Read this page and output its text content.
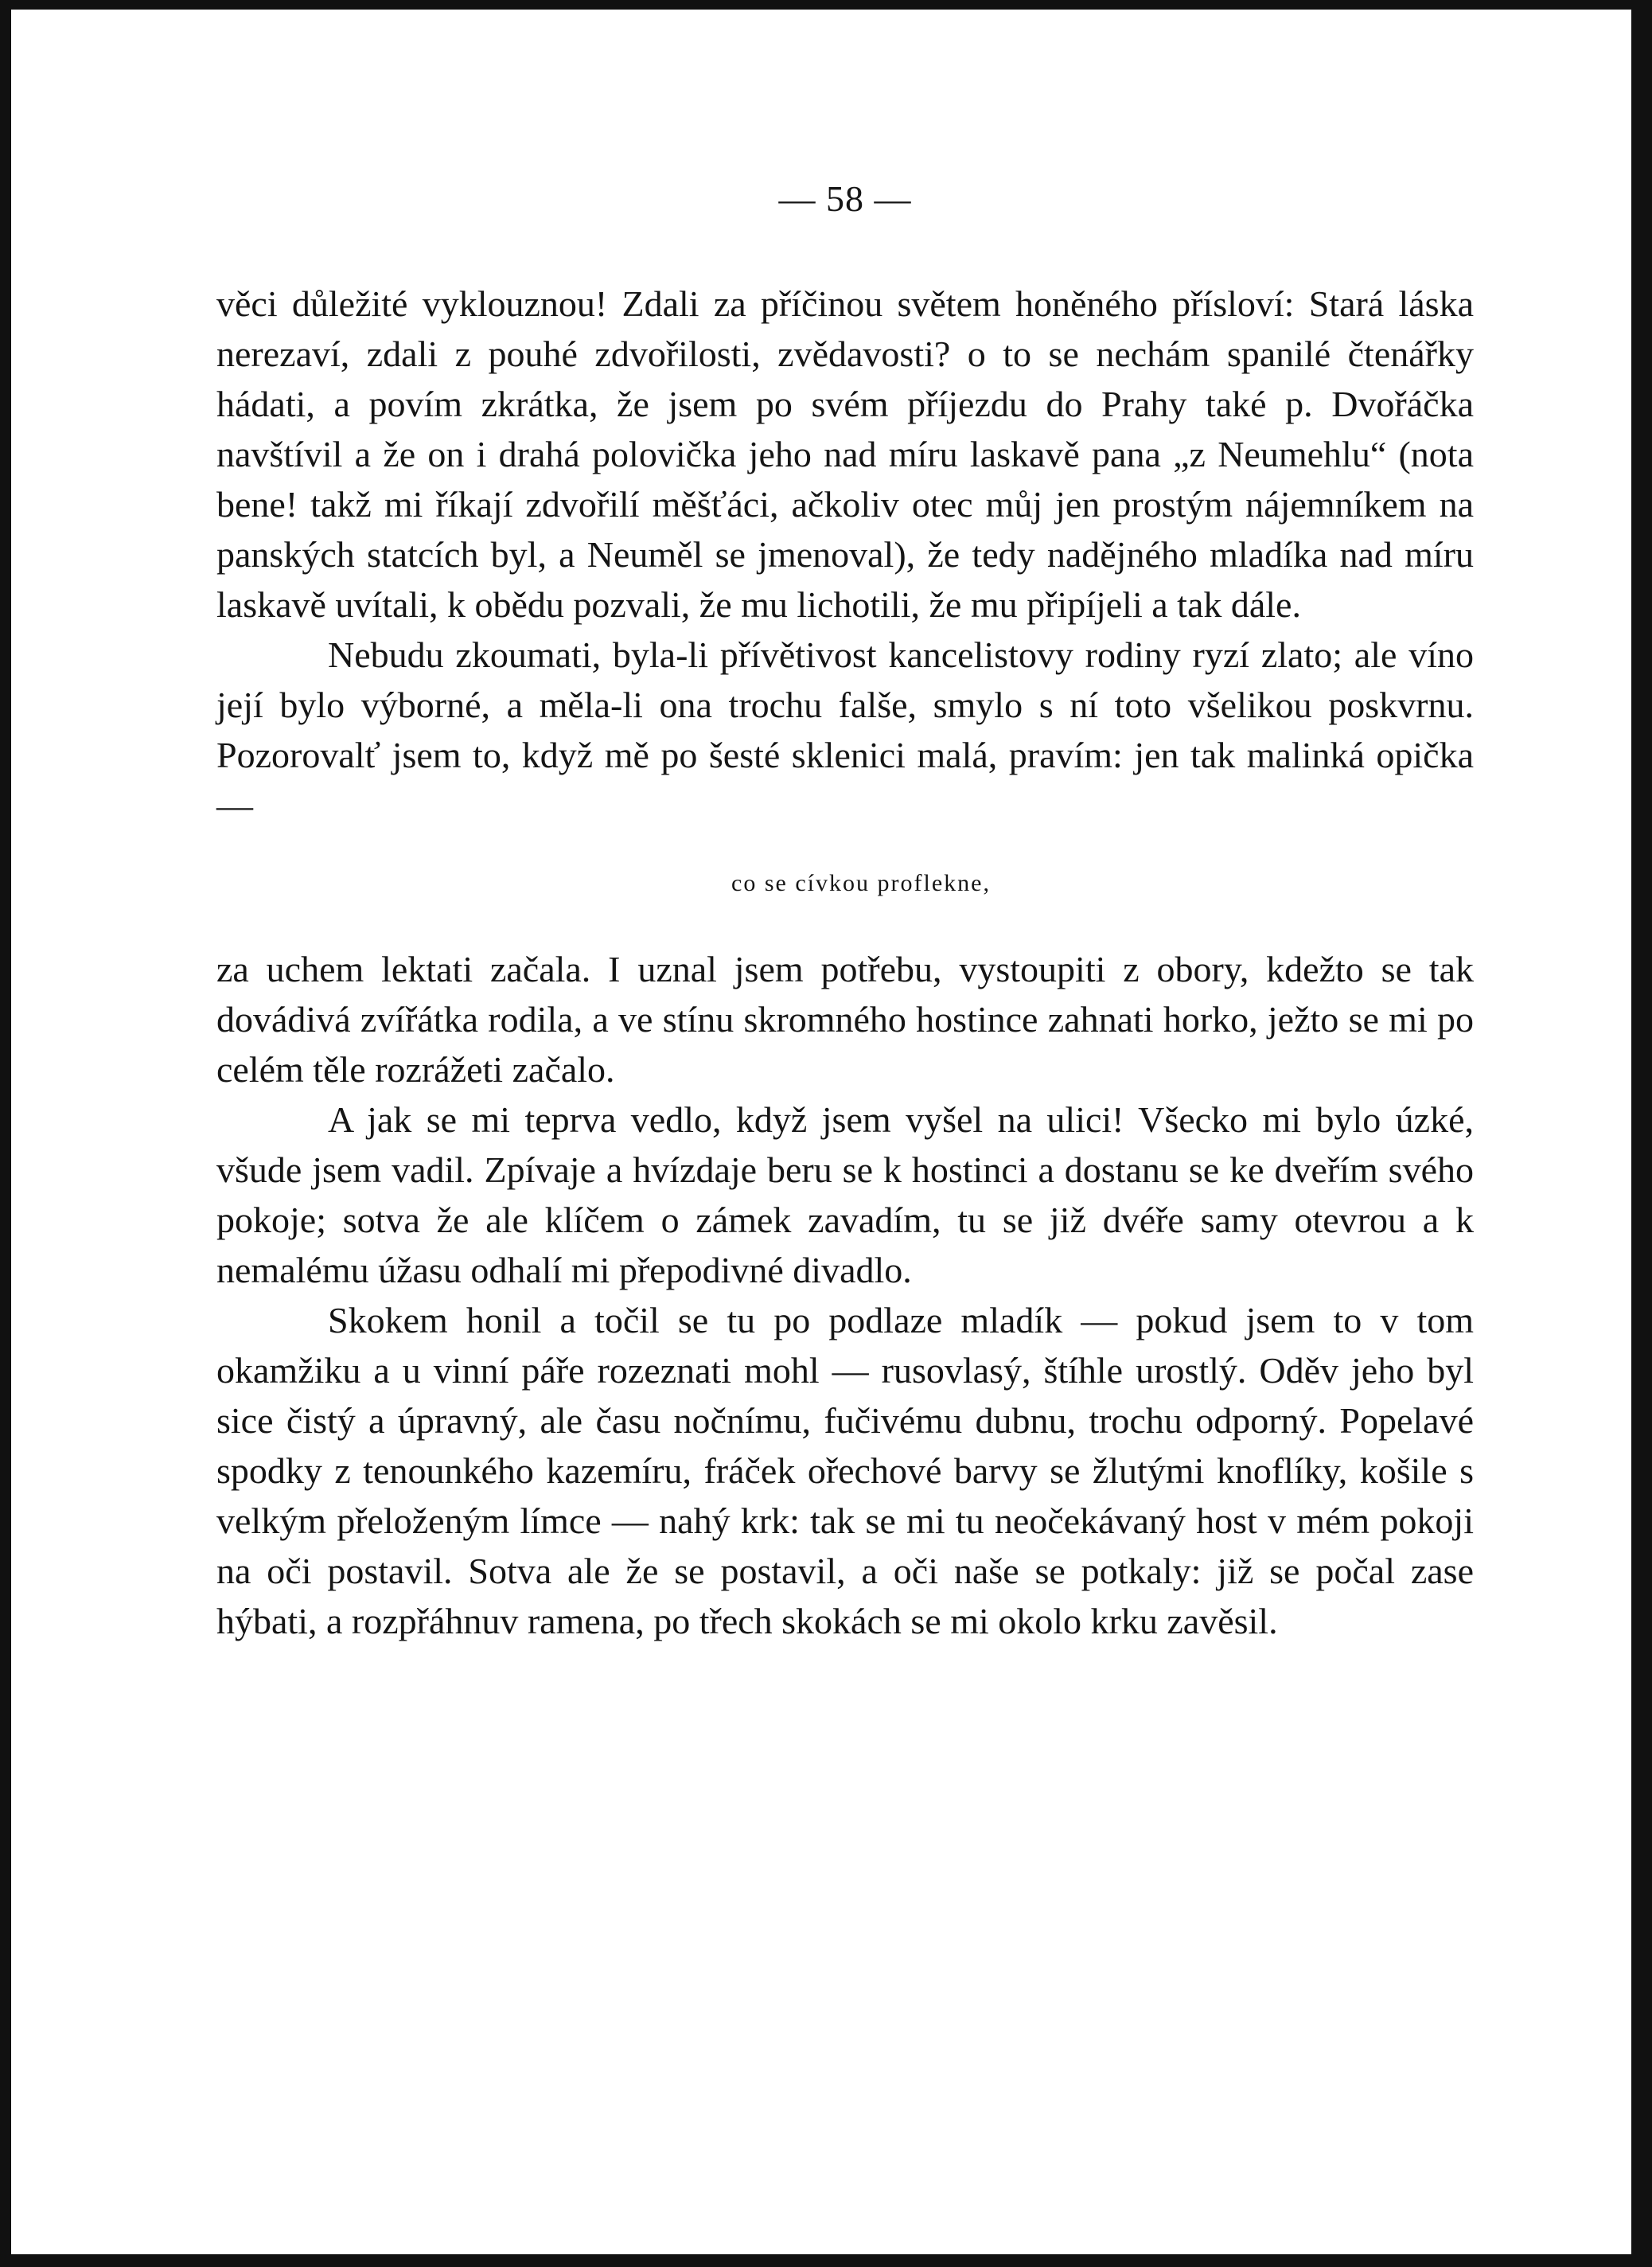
— 58 —

věci důležité vyklouznou! Zdali za příčinou světem honěného přísloví: Stará láska nerezaví, zdali z pouhé zdvořilosti, zvědavosti? o to se nechám spanilé čtenářky hádati, a povím zkrátka, že jsem po svém příjezdu do Prahy také p. Dvořáčka navštívil a že on i drahá polovička jeho nad míru laskavě pana „z Neumehlu“ (nota bene! takž mi říkají zdvořilí měšťáci, ačkoliv otec můj jen prostým nájemníkem na panských statcích byl, a Neuměl se jmenoval), že tedy nadějného mladíka nad míru laskavě uvítali, k obědu pozvali, že mu lichotili, že mu připíjeli a tak dále.

Nebudu zkoumati, byla-li přívětivost kancelistovy rodiny ryzí zlato; ale víno její bylo výborné, a měla-li ona trochu falše, smylo s ní toto všelikou poskvrnu. Pozorovalť jsem to, když mě po šesté sklenici malá, pravím: jen tak malinká opička —

co se cívkou proflekne,

za uchem lektati začala. I uznal jsem potřebu, vystoupiti z obory, kdežto se tak dovádivá zvířátka rodila, a ve stínu skromného hostince zahnati horko, ježto se mi po celém těle rozrážeti začalo.

A jak se mi teprva vedlo, když jsem vyšel na ulici! Všecko mi bylo úzké, všude jsem vadil. Zpívaje a hvízdaje beru se k hostinci a dostanu se ke dveřím svého pokoje; sotva že ale klíčem o zámek zavadím, tu se již dvéře samy otevrou a k nemalému úžasu odhalí mi přepodivné divadlo.

Skokem honil a točil se tu po podlaze mladík — pokud jsem to v tom okamžiku a u vinní páře rozeznati mohl — rusovlasý, štíhle urostlý. Oděv jeho byl sice čistý a úpravný, ale času nočnímu, fučivému dubnu, trochu odporný. Popelavé spodky z tenounkého kazemíru, fráček ořechové barvy se žlutými knoflíky, košile s velkým přeloženým límce — nahý krk: tak se mi tu neočekávaný host v mém pokoji na oči postavil. Sotva ale že se postavil, a oči naše se potkaly: již se počal zase hýbati, a rozpřáhnuv ramena, po třech skokách se mi okolo krku zavěsil.
